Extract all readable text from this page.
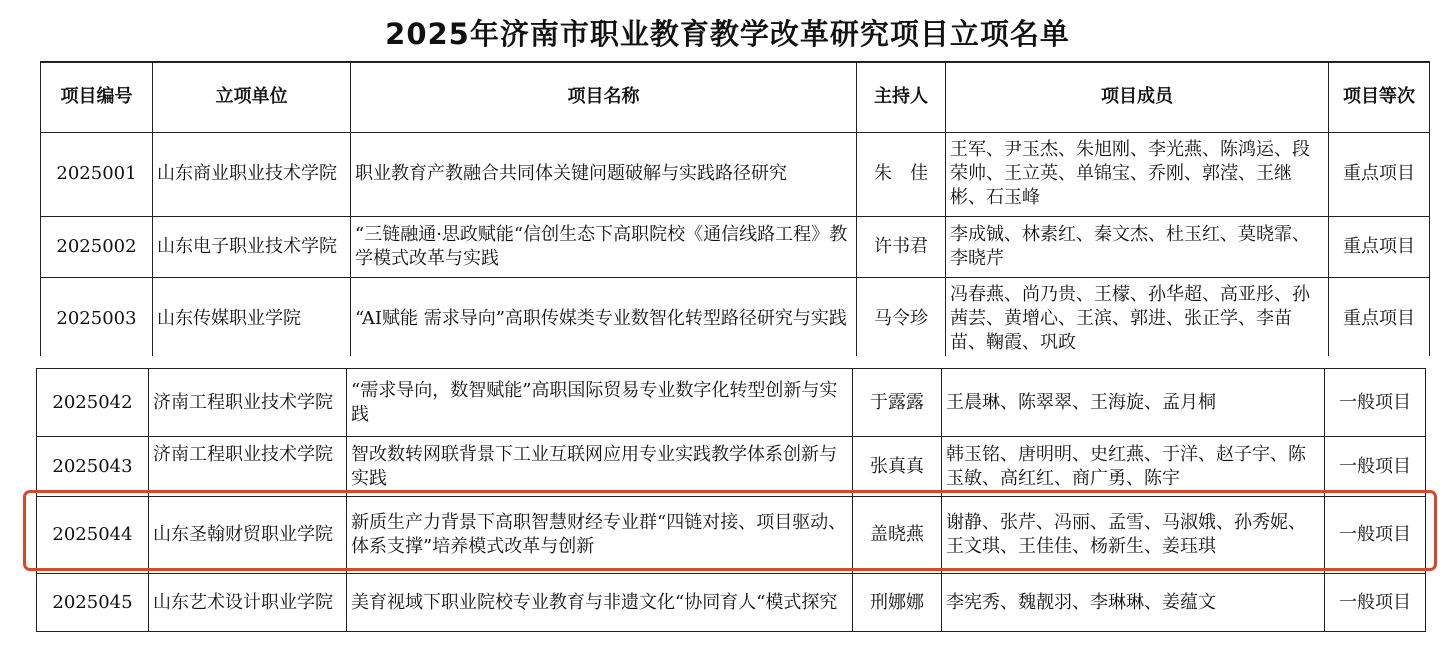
2025年济南市职业教育教学改革研究项目立项名单
项目编号	立项单位	项目名称	主持人	项目成员	项目等次
2025001	山东商业职业技术学院	职业教育产教融合共同体关键问题破解与实践路径研究	朱　佳	王军、尹玉杰、朱旭刚、李光燕、陈鸿运、段荣帅、王立英、单锦宝、乔刚、郭滢、王继彬、石玉峰	重点项目
2025002	山东电子职业技术学院	“三链融通·思政赋能“信创生态下高职院校《通信线路工程》教学模式改革与实践	许书君	李成铖、林素红、秦文杰、杜玉红、莫晓霏、李晓芹	重点项目
2025003	山东传媒职业学院	“AI赋能 需求导向”高职传媒类专业数智化转型路径研究与实践	马令珍	冯春燕、尚乃贵、王檬、孙华超、高亚彤、孙茜芸、黄增心、王滨、郭进、张正学、李苗苗、鞠霞、巩政	重点项目
2025042	济南工程职业技术学院	“需求导向，数智赋能”高职国际贸易专业数字化转型创新与实践	于露露	王晨琳、陈翠翠、王海旋、孟月桐	一般项目
2025043	济南工程职业技术学院	智改数转网联背景下工业互联网应用专业实践教学体系创新与实践	张真真	韩玉铭、唐明明、史红燕、于洋、赵子宇、陈玉敏、高红红、商广勇、陈宇	一般项目
2025044	山东圣翰财贸职业学院	新质生产力背景下高职智慧财经专业群“四链对接、项目驱动、体系支撑”培养模式改革与创新	盖晓燕	谢静、张芹、冯丽、孟雪、马淑娥、孙秀妮、王文琪、王佳佳、杨新生、姜珏琪	一般项目
2025045	山东艺术设计职业学院	美育视域下职业院校专业教育与非遗文化“协同育人“模式探究	刑娜娜	李宪秀、魏靓羽、李琳琳、姜蕴文	一般项目
